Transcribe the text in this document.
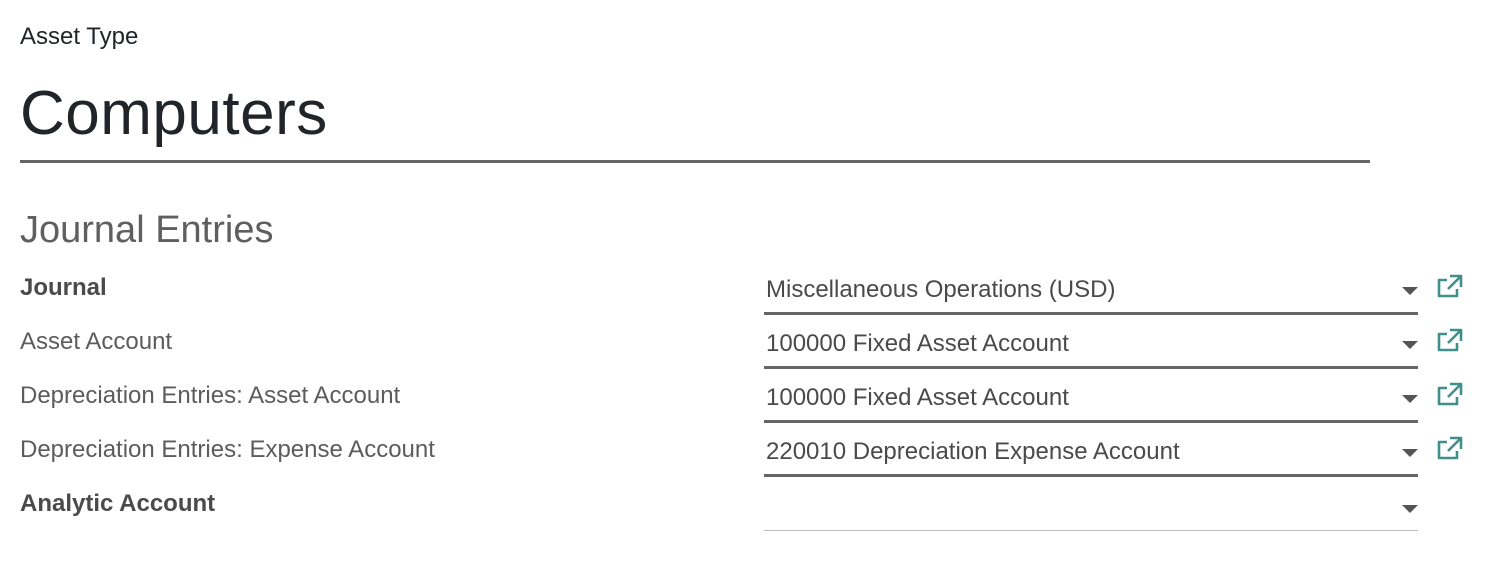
Asset Type
Computers
Journal Entries
Journal	Miscellaneous Operations (USD)
Asset Account	100000 Fixed Asset Account
Depreciation Entries: Asset Account	100000 Fixed Asset Account
Depreciation Entries: Expense Account	220010 Depreciation Expense Account
Analytic Account
